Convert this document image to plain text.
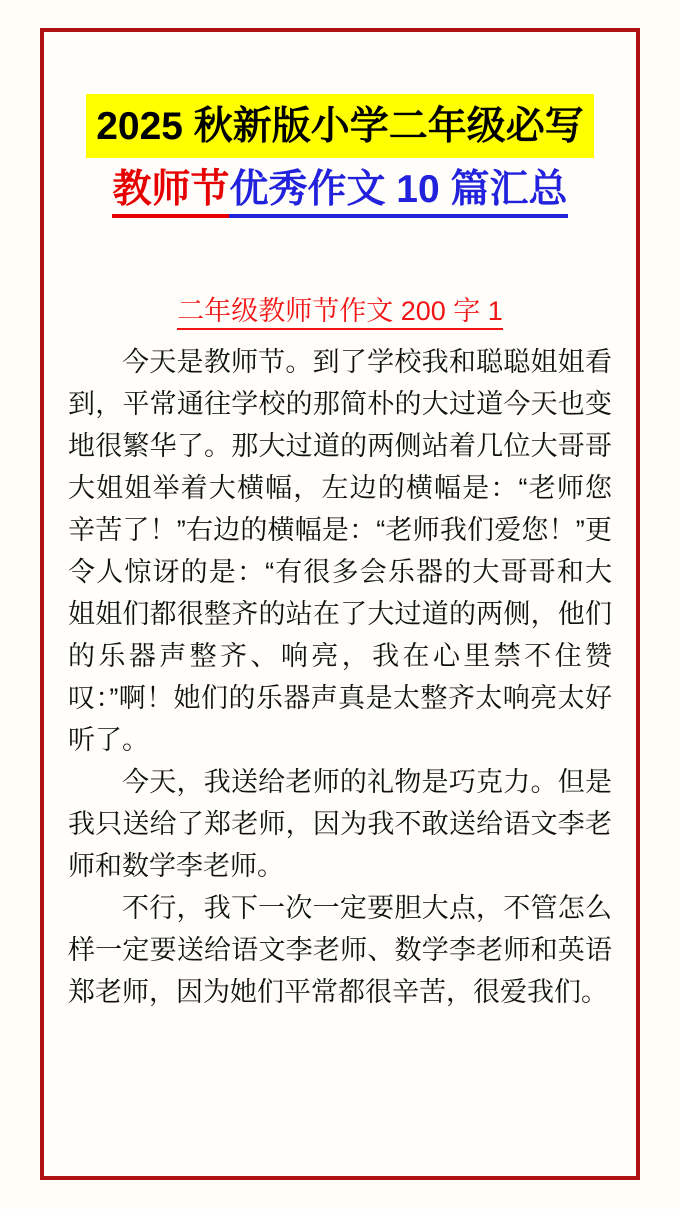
2025 秋新版小学二年级必写

教师节优秀作文 10 篇汇总

二年级教师节作文 200 字 1

今天是教师节。到了学校我和聪聪姐姐看到，平常通往学校的那简朴的大过道今天也变地很繁华了。那大过道的两侧站着几位大哥哥大姐姐举着大横幅，左边的横幅是：“老师您辛苦了！”右边的横幅是：“老师我们爱您！”更令人惊讶的是：“有很多会乐器的大哥哥和大姐姐们都很整齐的站在了大过道的两侧，他们的乐器声整齐、响亮，我在心里禁不住赞叹：”啊！她们的乐器声真是太整齐太响亮太好听了。

今天，我送给老师的礼物是巧克力。但是我只送给了郑老师，因为我不敢送给语文李老师和数学李老师。

不行，我下一次一定要胆大点，不管怎么样一定要送给语文李老师、数学李老师和英语郑老师，因为她们平常都很辛苦，很爱我们。
